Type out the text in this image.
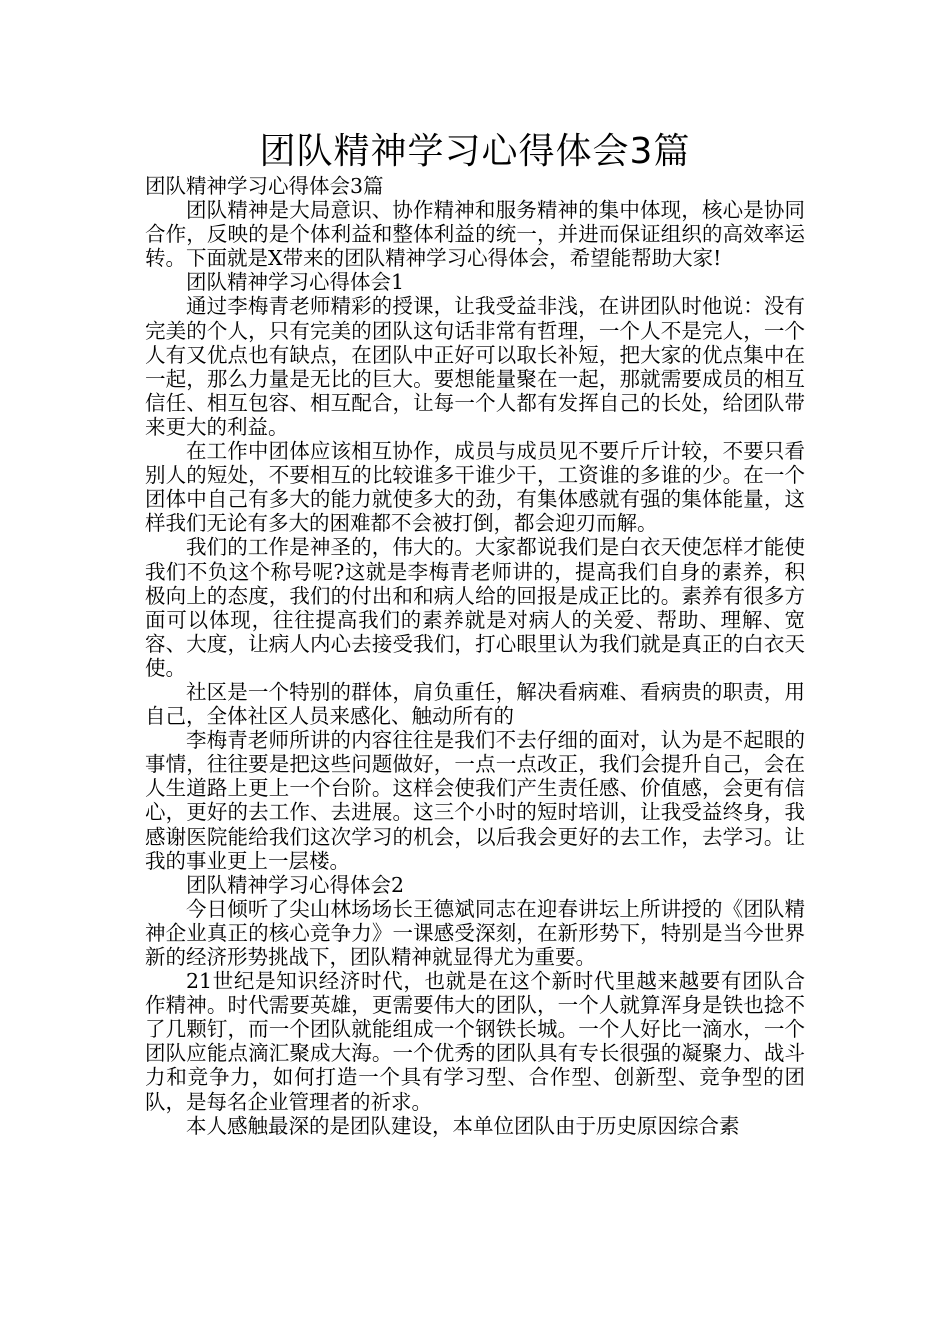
团队精神学习心得体会3篇

团队精神学习心得体会3篇

团队精神是大局意识、协作精神和服务精神的集中体现，核心是协同合作，反映的是个体利益和整体利益的统一，并进而保证组织的高效率运转。下面就是X带来的团队精神学习心得体会，希望能帮助大家!

团队精神学习心得体会1

通过李梅青老师精彩的授课，让我受益非浅，在讲团队时他说：没有完美的个人，只有完美的团队这句话非常有哲理，一个人不是完人，一个人有又优点也有缺点，在团队中正好可以取长补短，把大家的优点集中在一起，那么力量是无比的巨大。要想能量聚在一起，那就需要成员的相互信任、相互包容、相互配合，让每一个人都有发挥自己的长处，给团队带来更大的利益。

在工作中团体应该相互协作，成员与成员见不要斤斤计较，不要只看别人的短处，不要相互的比较谁多干谁少干，工资谁的多谁的少。在一个团体中自己有多大的能力就使多大的劲，有集体感就有强的集体能量，这样我们无论有多大的困难都不会被打倒，都会迎刃而解。

我们的工作是神圣的，伟大的。大家都说我们是白衣天使怎样才能使我们不负这个称号呢?这就是李梅青老师讲的，提高我们自身的素养，积极向上的态度，我们的付出和和病人给的回报是成正比的。素养有很多方面可以体现，往往提高我们的素养就是对病人的关爱、帮助、理解、宽容、大度，让病人内心去接受我们，打心眼里认为我们就是真正的白衣天使。

社区是一个特别的群体，肩负重任，解决看病难、看病贵的职责，用自己，全体社区人员来感化、触动所有的

李梅青老师所讲的内容往往是我们不去仔细的面对，认为是不起眼的事情，往往要是把这些问题做好，一点一点改正，我们会提升自己，会在人生道路上更上一个台阶。这样会使我们产生责任感、价值感，会更有信心，更好的去工作、去进展。这三个小时的短时培训，让我受益终身，我感谢医院能给我们这次学习的机会，以后我会更好的去工作，去学习。让我的事业更上一层楼。

团队精神学习心得体会2

今日倾听了尖山林场场长王德斌同志在迎春讲坛上所讲授的《团队精神企业真正的核心竞争力》一课感受深刻，在新形势下，特别是当今世界新的经济形势挑战下，团队精神就显得尤为重要。

21世纪是知识经济时代，也就是在这个新时代里越来越要有团队合作精神。时代需要英雄，更需要伟大的团队，一个人就算浑身是铁也捻不了几颗钉，而一个团队就能组成一个钢铁长城。一个人好比一滴水，一个团队应能点滴汇聚成大海。一个优秀的团队具有专长很强的凝聚力、战斗力和竞争力，如何打造一个具有学习型、合作型、创新型、竞争型的团队，是每名企业管理者的祈求。

本人感触最深的是团队建设，本单位团队由于历史原因综合素
